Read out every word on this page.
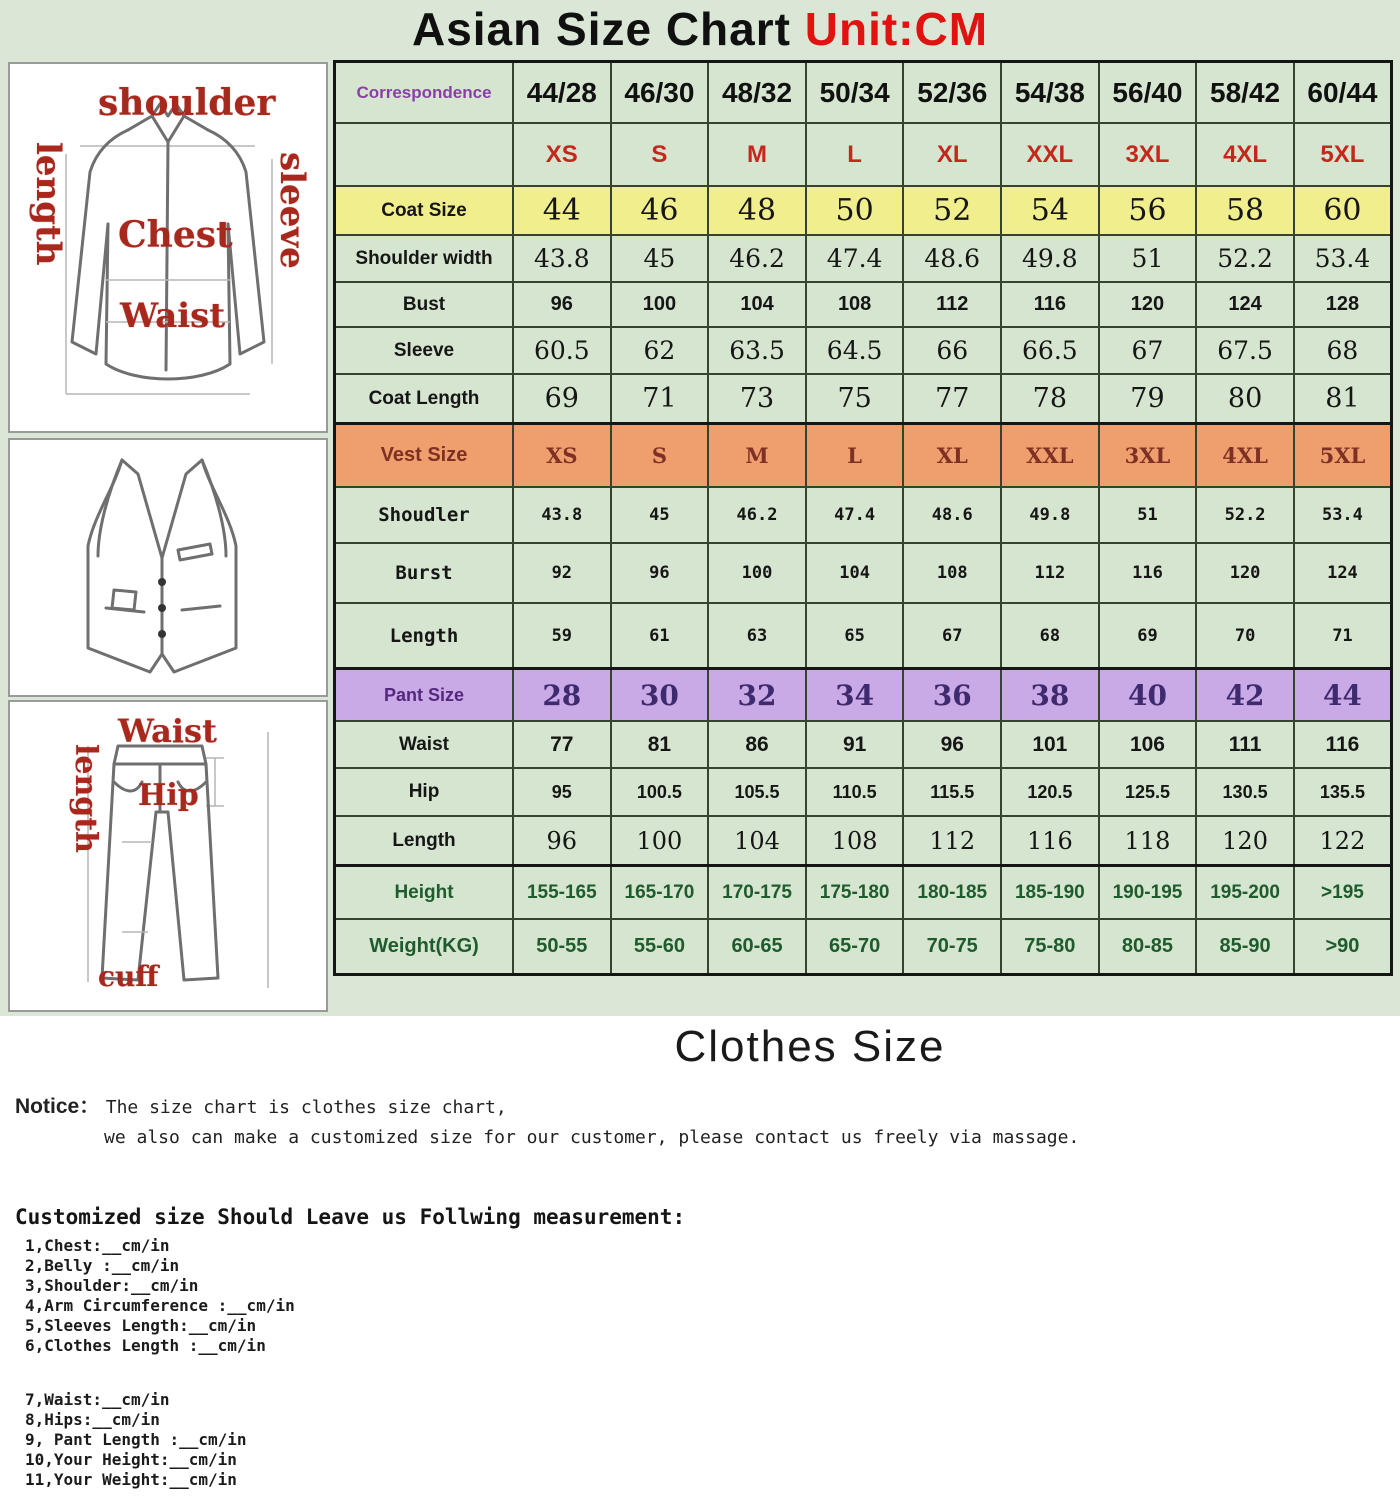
Asian Size Chart Unit:CM
shoulder
length	sleeve
Chest
Waist
Waist
length Hip
cuff
Correspondence	44/28	46/30	48/32	50/34	52/36	54/38	56/40	58/42	60/44
	XS	S	M	L	XL	XXL	3XL	4XL	5XL
Coat Size	44	46	48	50	52	54	56	58	60
Shoulder width	43.8	45	46.2	47.4	48.6	49.8	51	52.2	53.4
Bust	96	100	104	108	112	116	120	124	128
Sleeve	60.5	62	63.5	64.5	66	66.5	67	67.5	68
Coat Length	69	71	73	75	77	78	79	80	81
Vest Size	XS	S	M	L	XL	XXL	3XL	4XL	5XL
Shoudler	43.8	45	46.2	47.4	48.6	49.8	51	52.2	53.4
Burst	92	96	100	104	108	112	116	120	124
Length	59	61	63	65	67	68	69	70	71
Pant Size	28	30	32	34	36	38	40	42	44
Waist	77	81	86	91	96	101	106	111	116
Hip	95	100.5	105.5	110.5	115.5	120.5	125.5	130.5	135.5
Length	96	100	104	108	112	116	118	120	122
Height	155-165	165-170	170-175	175-180	180-185	185-190	190-195	195-200	>195
Weight(KG)	50-55	55-60	60-65	65-70	70-75	75-80	80-85	85-90	>90
Clothes Size
Notice： The size chart is clothes size chart,
we also can make a customized size for our customer, please contact us freely via massage.
Customized size Should Leave us Follwing measurement:
1,Chest:__cm/in
2,Belly :__cm/in
3,Shoulder:__cm/in
4,Arm Circumference :__cm/in
5,Sleeves Length:__cm/in
6,Clothes Length :__cm/in
7,Waist:__cm/in
8,Hips:__cm/in
9, Pant Length :__cm/in
10,Your Height:__cm/in
11,Your Weight:__cm/in
